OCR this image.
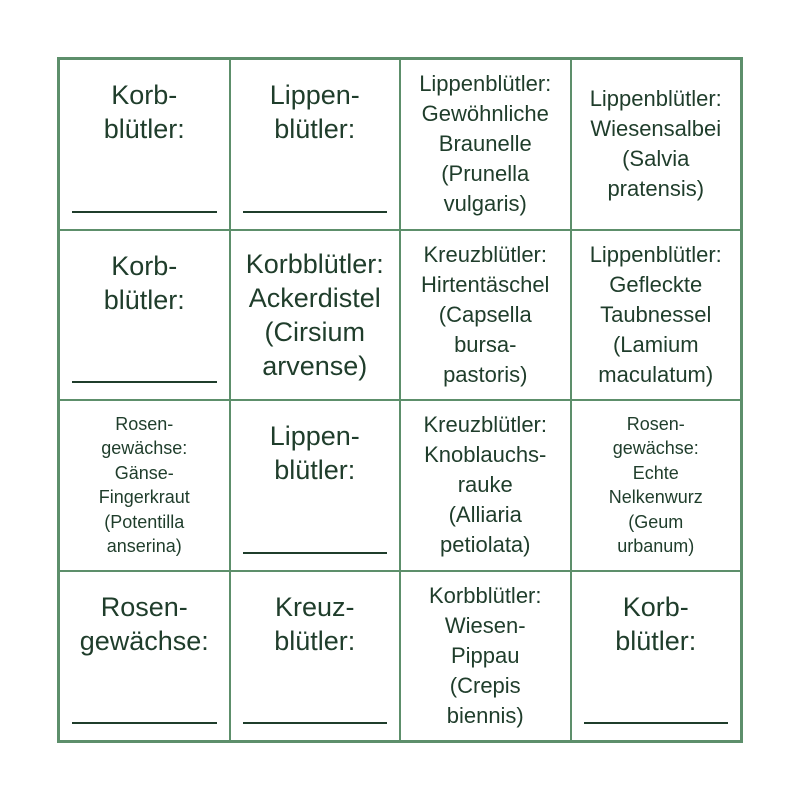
Korb-
blütler:
Lippen-
blütler:
Lippenblütler:
Gewöhnliche
Braunelle
(Prunella
vulgaris)
Lippenblütler:
Wiesensalbei
(Salvia
pratensis)
Korb-
blütler:
Korbblütler:
Ackerdistel
(Cirsium
arvense)
Kreuzblütler:
Hirtentäschel
(Capsella
bursa-
pastoris)
Lippenblütler:
Gefleckte
Taubnessel
(Lamium
maculatum)
Rosen-
gewächse:
Gänse-
Fingerkraut
(Potentilla
anserina)
Lippen-
blütler:
Kreuzblütler:
Knoblauchs-
rauke
(Alliaria
petiolata)
Rosen-
gewächse:
Echte
Nelkenwurz
(Geum
urbanum)
Rosen-
gewächse:
Kreuz-
blütler:
Korbblütler:
Wiesen-
Pippau
(Crepis
biennis)
Korb-
blütler:
